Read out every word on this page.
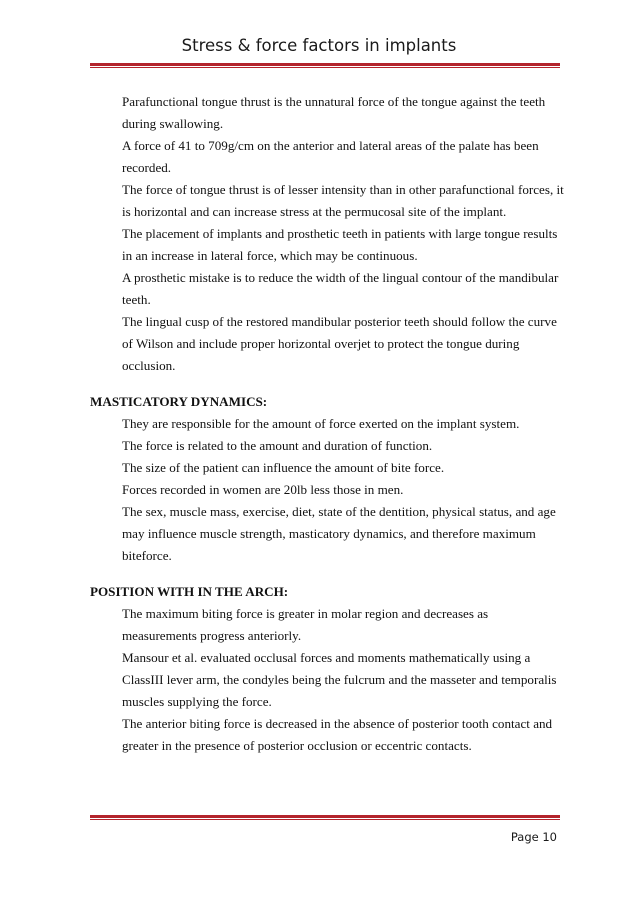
Stress & force factors in implants
Parafunctional tongue thrust is the unnatural force of the tongue against the teeth during swallowing.
A force of 41 to 709g/cm on the anterior and lateral areas of the palate has been recorded.
The force of tongue thrust is of lesser intensity than in other parafunctional forces, it is horizontal and can increase stress at the permucosal site of the implant.
The placement of implants and prosthetic teeth in patients with large tongue results in an increase in lateral force, which may be continuous.
A prosthetic mistake is to reduce the width of the lingual contour of the mandibular teeth.
The lingual cusp of the restored mandibular posterior teeth should follow the curve of Wilson and include proper horizontal overjet to protect the tongue during occlusion.
MASTICATORY DYNAMICS:
They are responsible for the amount of force exerted on the implant system.
The force is related to the amount and duration of function.
The size of the patient can influence the amount of bite force.
Forces recorded in women are 20lb less those in men.
The sex, muscle mass, exercise, diet, state of the dentition, physical status, and age may influence muscle strength, masticatory dynamics, and therefore maximum biteforce.
POSITION WITH IN THE ARCH:
The maximum biting force is greater in molar region and decreases as measurements progress anteriorly.
Mansour et al. evaluated occlusal forces and moments mathematically using a ClassIII lever arm, the condyles being the fulcrum and the masseter and temporalis muscles supplying the force.
The anterior biting force is decreased in the absence of posterior tooth contact and greater in the presence of posterior occlusion or eccentric contacts.
Page 10
